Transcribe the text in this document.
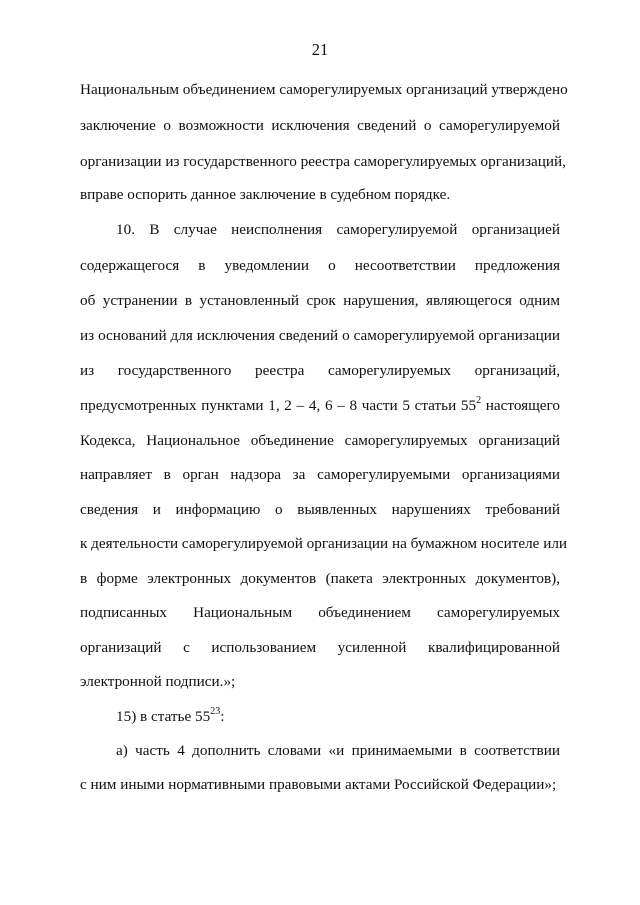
21
Национальным объединением саморегулируемых организаций утверждено
заключение о возможности исключения сведений о саморегулируемой
организации из государственного реестра саморегулируемых организаций,
вправе оспорить данное заключение в судебном порядке.
10. В случае неисполнения саморегулируемой организацией
содержащегося в уведомлении о несоответствии предложения
об устранении в установленный срок нарушения, являющегося одним
из оснований для исключения сведений о саморегулируемой организации
из государственного реестра саморегулируемых организаций,
предусмотренных пунктами 1, 2 – 4, 6 – 8 части 5 статьи $55^2$ настоящего
Кодекса, Национальное объединение саморегулируемых организаций
направляет в орган надзора за саморегулируемыми организациями
сведения и информацию о выявленных нарушениях требований
к деятельности саморегулируемой организации на бумажном носителе или
в форме электронных документов (пакета электронных документов),
подписанных Национальным объединением саморегулируемых
организаций с использованием усиленной квалифицированной
электронной подписи.»;
15) в статье $55^{23}$:
а) часть 4 дополнить словами «и принимаемыми в соответствии
с ним иными нормативными правовыми актами Российской Федерации»;
